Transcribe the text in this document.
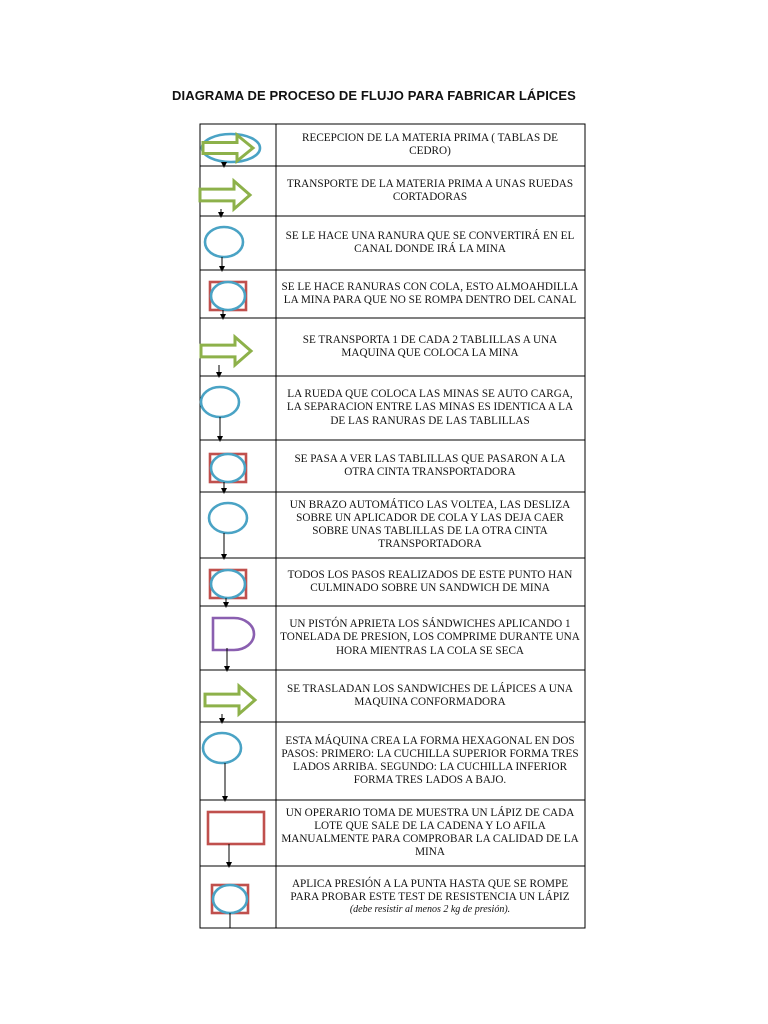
DIAGRAMA DE PROCESO DE FLUJO PARA FABRICAR LÁPICES
RECEPCION DE LA MATERIA PRIMA ( TABLAS DE CEDRO)
TRANSPORTE DE LA MATERIA PRIMA A UNAS RUEDAS CORTADORAS
SE LE HACE UNA RANURA QUE SE CONVERTIRÁ EN EL CANAL DONDE IRÁ LA MINA
SE LE HACE RANURAS CON COLA, ESTO ALMOAHDILLA LA MINA PARA QUE NO SE ROMPA DENTRO DEL CANAL
SE TRANSPORTA 1 DE CADA 2 TABLILLAS A UNA MAQUINA QUE COLOCA LA MINA
LA RUEDA QUE COLOCA LAS MINAS SE AUTO CARGA, LA SEPARACION ENTRE LAS MINAS ES IDENTICA A LA DE LAS RANURAS DE LAS TABLILLAS
SE PASA A VER LAS TABLILLAS QUE PASARON A LA OTRA CINTA TRANSPORTADORA
UN BRAZO AUTOMÁTICO LAS VOLTEA, LAS DESLIZA SOBRE UN APLICADOR DE COLA Y LAS DEJA CAER SOBRE UNAS TABLILLAS DE LA OTRA CINTA TRANSPORTADORA
TODOS LOS PASOS REALIZADOS DE ESTE PUNTO HAN CULMINADO SOBRE UN SANDWICH DE MINA
UN PISTÓN APRIETA LOS SÁNDWICHES APLICANDO 1 TONELADA DE PRESION, LOS COMPRIME DURANTE UNA HORA MIENTRAS LA COLA SE SECA
SE TRASLADAN LOS SANDWICHES DE LÁPICES A UNA MAQUINA CONFORMADORA
ESTA MÁQUINA CREA LA FORMA HEXAGONAL EN DOS PASOS: PRIMERO: LA CUCHILLA SUPERIOR FORMA TRES LADOS ARRIBA. SEGUNDO: LA CUCHILLA INFERIOR FORMA TRES LADOS A BAJO.
UN OPERARIO TOMA DE MUESTRA UN LÁPIZ DE CADA LOTE QUE SALE DE LA CADENA Y LO AFILA MANUALMENTE PARA COMPROBAR LA CALIDAD DE LA MINA
APLICA PRESIÓN A LA PUNTA HASTA QUE SE ROMPE PARA PROBAR ESTE TEST DE RESISTENCIA UN LÁPIZ
(debe resistir al menos 2 kg de presión).
